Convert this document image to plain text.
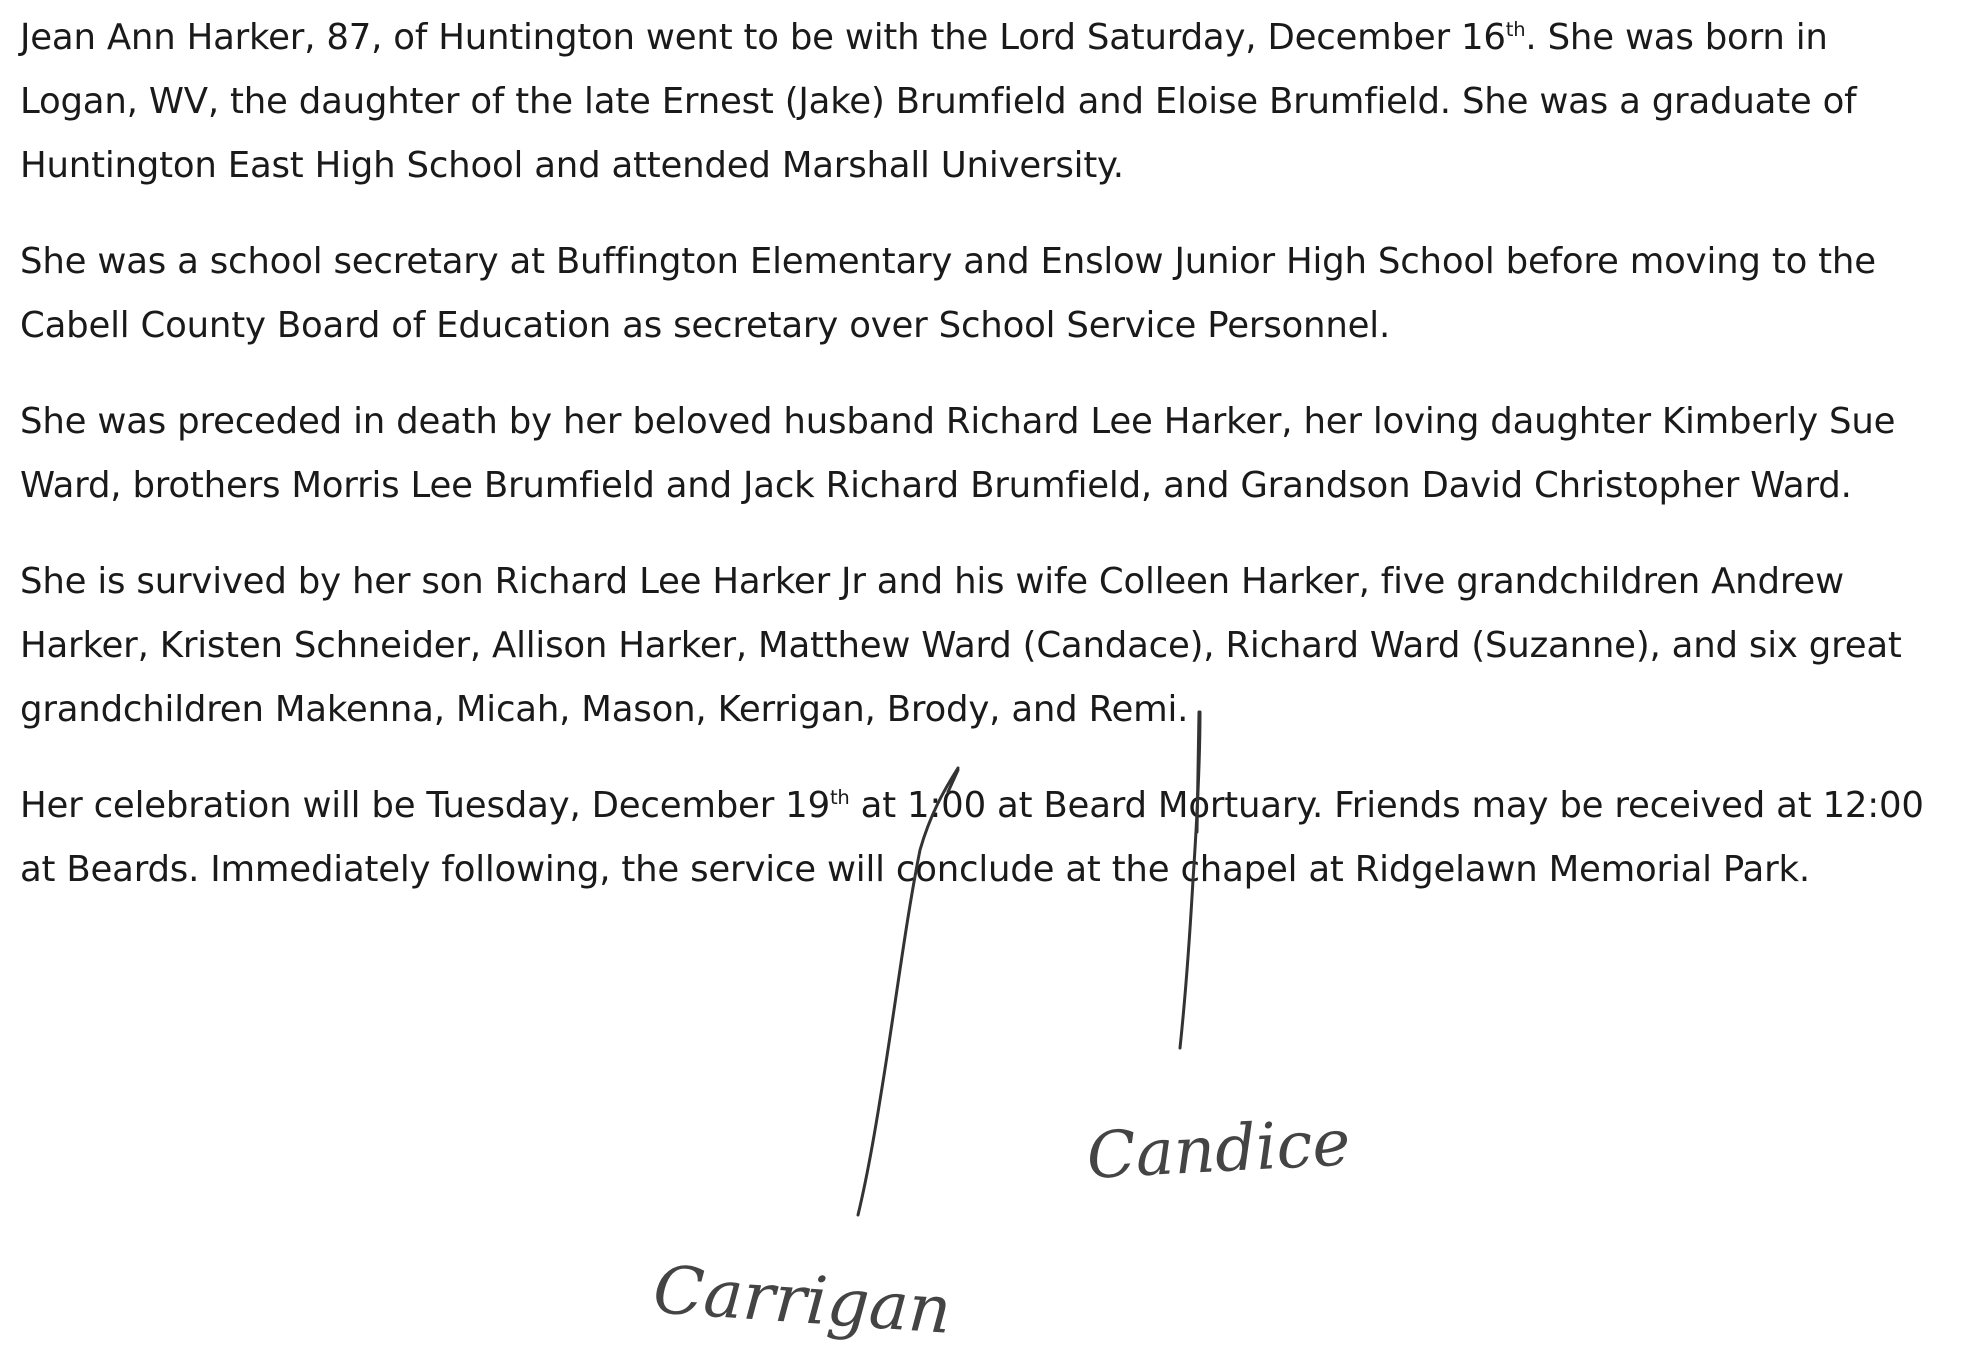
Jean Ann Harker, 87, of Huntington went to be with the Lord Saturday, December 16th. She was born in Logan, WV, the daughter of the late Ernest (Jake) Brumfield and Eloise Brumfield. She was a graduate of Huntington East High School and attended Marshall University.

She was a school secretary at Buffington Elementary and Enslow Junior High School before moving to the Cabell County Board of Education as secretary over School Service Personnel.

She was preceded in death by her beloved husband Richard Lee Harker, her loving daughter Kimberly Sue Ward, brothers Morris Lee Brumfield and Jack Richard Brumfield, and Grandson David Christopher Ward.

She is survived by her son Richard Lee Harker Jr and his wife Colleen Harker, five grandchildren Andrew Harker, Kristen Schneider, Allison Harker, Matthew Ward (Candace), Richard Ward (Suzanne), and six great grandchildren Makenna, Micah, Mason, Kerrigan, Brody, and Remi.

Her celebration will be Tuesday, December 19th at 1:00 at Beard Mortuary. Friends may be received at 12:00 at Beards. Immediately following, the service will conclude at the chapel at Ridgelawn Memorial Park.

Candice
Carrigan
